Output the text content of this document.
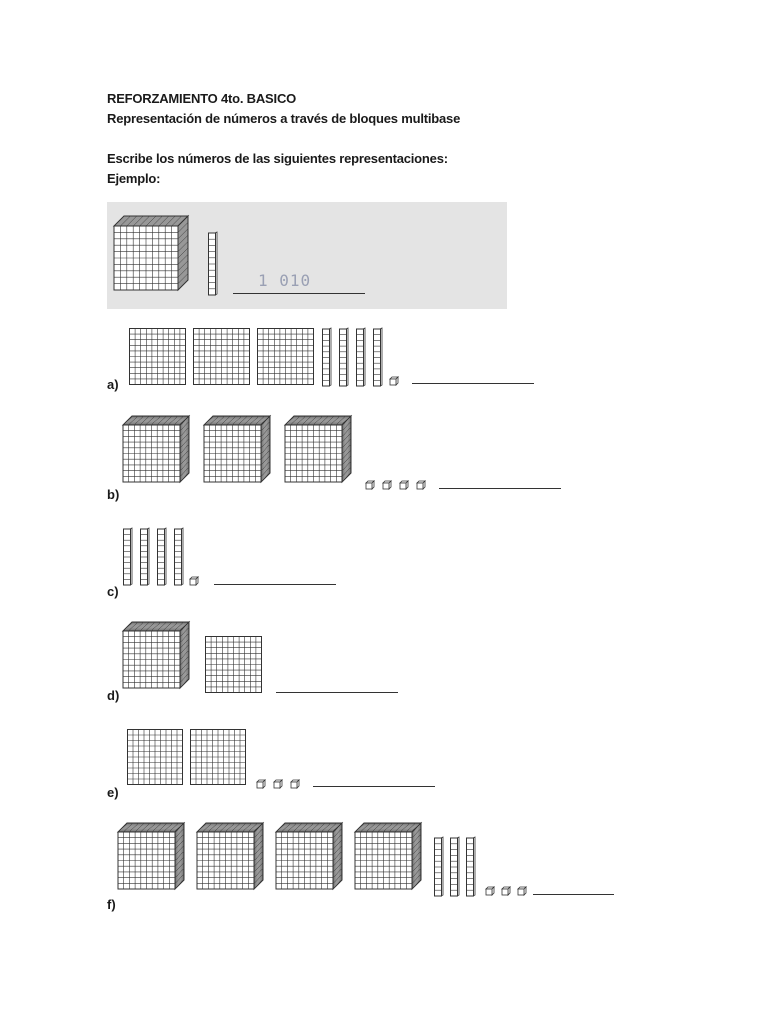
REFORZAMIENTO 4to. BASICO
Representación de números a través de bloques multibase
Escribe los números de las siguientes representaciones:
Ejemplo:
1 010
a)
b)
c)
d)
e)
f)
